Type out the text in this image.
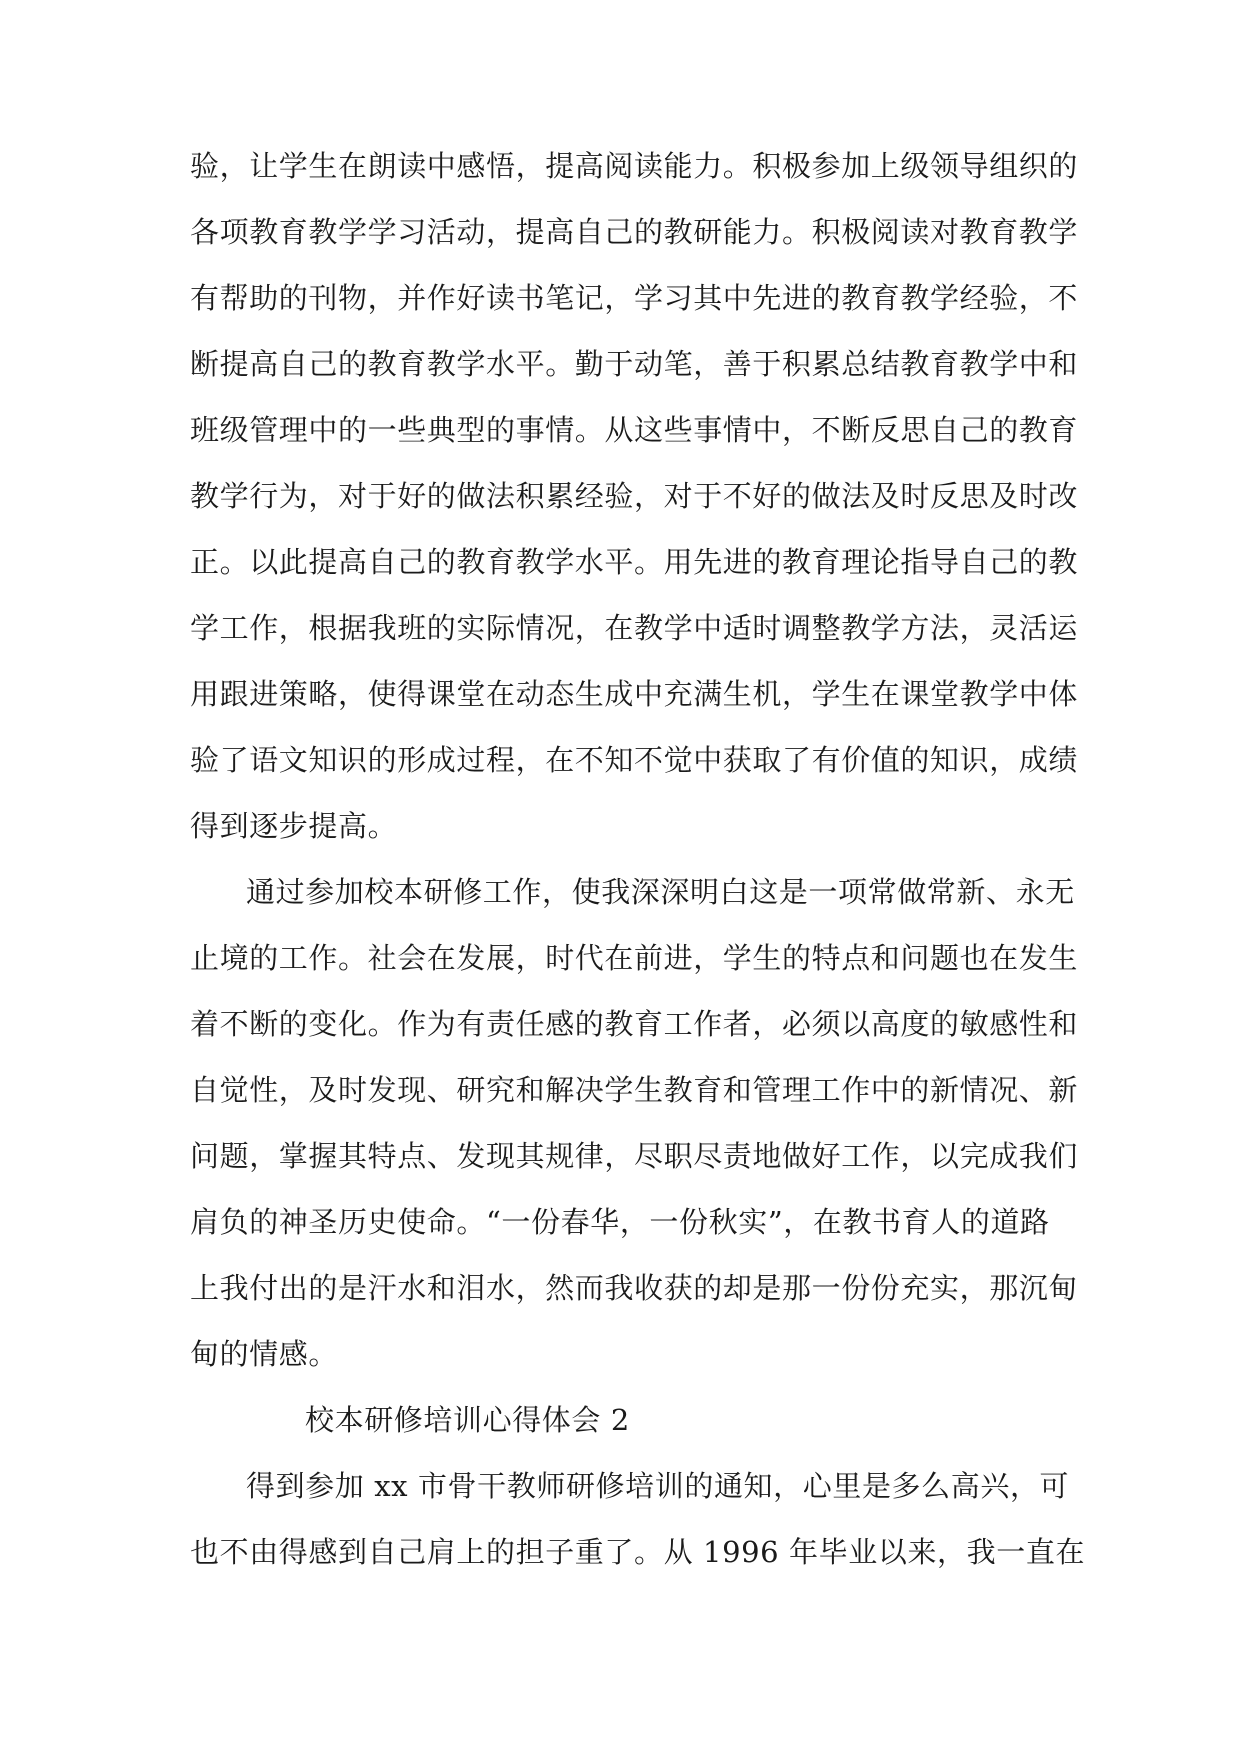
验，让学生在朗读中感悟，提高阅读能力。积极参加上级领导组织的

各项教育教学学习活动，提高自己的教研能力。积极阅读对教育教学

有帮助的刊物，并作好读书笔记，学习其中先进的教育教学经验，不

断提高自己的教育教学水平。勤于动笔，善于积累总结教育教学中和

班级管理中的一些典型的事情。从这些事情中，不断反思自己的教育

教学行为，对于好的做法积累经验，对于不好的做法及时反思及时改

正。以此提高自己的教育教学水平。用先进的教育理论指导自己的教

学工作，根据我班的实际情况，在教学中适时调整教学方法，灵活运

用跟进策略，使得课堂在动态生成中充满生机，学生在课堂教学中体

验了语文知识的形成过程，在不知不觉中获取了有价值的知识，成绩

得到逐步提高。

通过参加校本研修工作，使我深深明白这是一项常做常新、永无

止境的工作。社会在发展，时代在前进，学生的特点和问题也在发生

着不断的变化。作为有责任感的教育工作者，必须以高度的敏感性和

自觉性，及时发现、研究和解决学生教育和管理工作中的新情况、新

问题，掌握其特点、发现其规律，尽职尽责地做好工作，以完成我们

肩负的神圣历史使命。“一份春华，一份秋实”，在教书育人的道路

上我付出的是汗水和泪水，然而我收获的却是那一份份充实，那沉甸

甸的情感。

校本研修培训心得体会 2

得到参加 xx 市骨干教师研修培训的通知，心里是多么高兴，可

也不由得感到自己肩上的担子重了。从 1996 年毕业以来，我一直在
